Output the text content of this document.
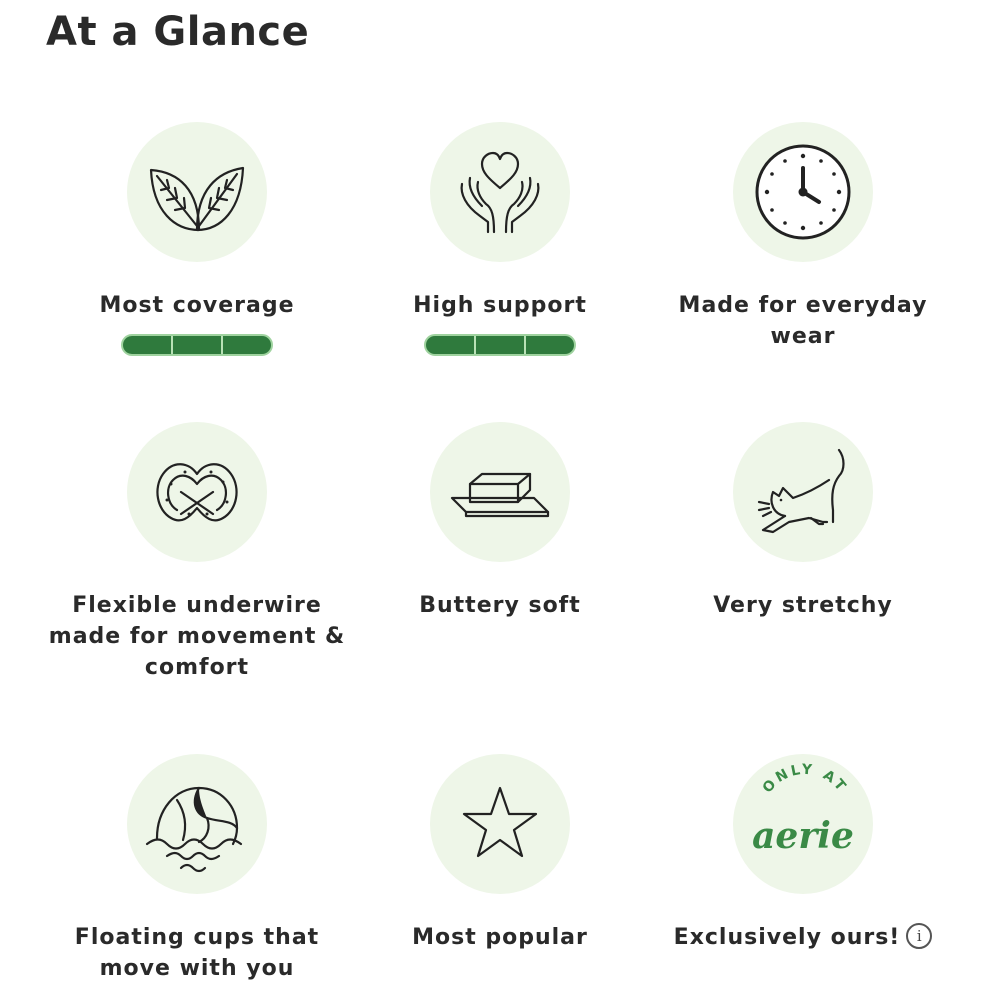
At a Glance
Most coverage	High support	Made for everyday wear
Flexible underwire made for movement & comfort
Buttery soft	Very stretchy
Floating cups that move with you
Most popular
ONLY AT
aerie
Exclusively ours! i
